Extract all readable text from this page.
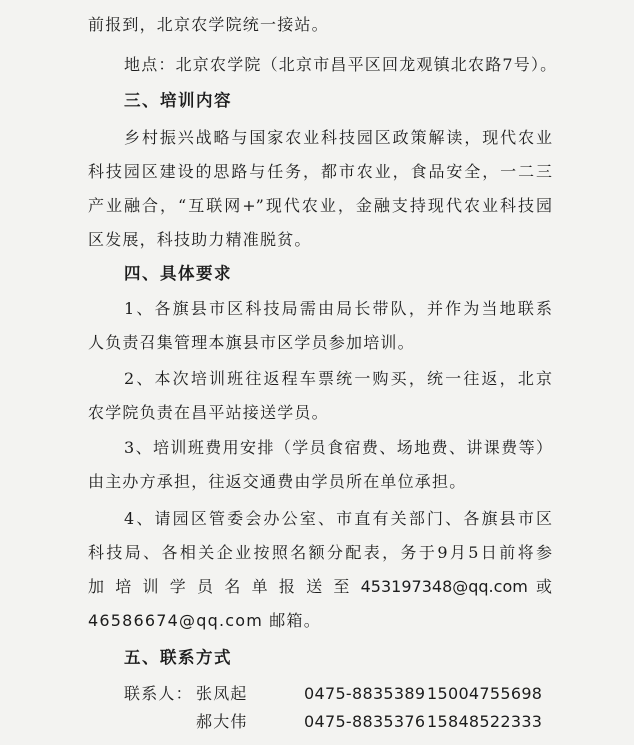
前报到，北京农学院统一接站。
地点：北京农学院（北京市昌平区回龙观镇北农路7号）。
三、培训内容
乡村振兴战略与国家农业科技园区政策解读，现代农业
科技园区建设的思路与任务，都市农业，食品安全，一二三
产业融合，“互联网+”现代农业，金融支持现代农业科技园
区发展，科技助力精准脱贫。
四、具体要求
1、各旗县市区科技局需由局长带队，并作为当地联系
人负责召集管理本旗县市区学员参加培训。
2、本次培训班往返程车票统一购买，统一往返，北京
农学院负责在昌平站接送学员。
3、培训班费用安排（学员食宿费、场地费、讲课费等）
由主办方承担，往返交通费由学员所在单位承担。
4、请园区管委会办公室、市直有关部门、各旗县市区
科技局、各相关企业按照名额分配表，务于9月5日前将参
加 培 训 学 员 名 单 报 送 至 453197348@qq.com 或
46586674@qq.com 邮箱。
五、联系方式
联系人： 张凤起	0475-8835389 15004755698
郝大伟	0475-8835376 15848522333
